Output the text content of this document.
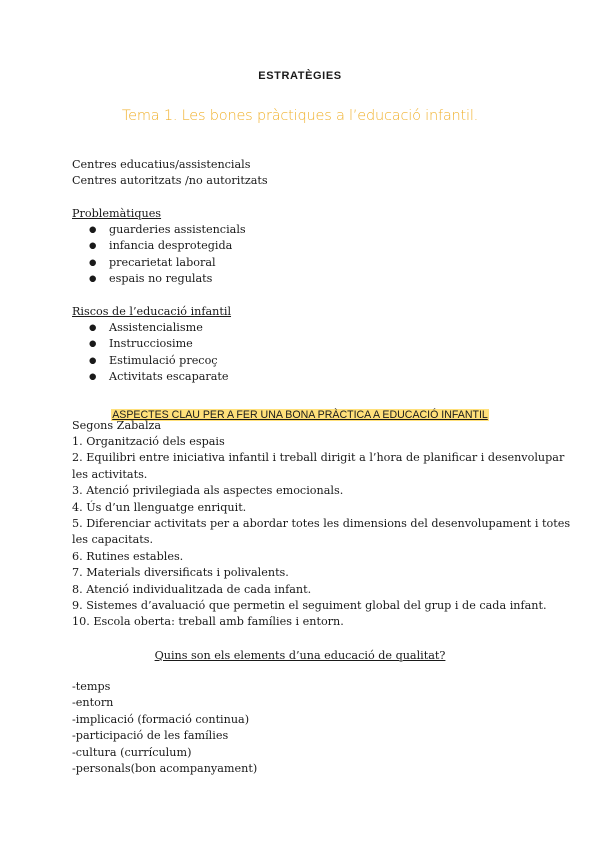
ESTRATÈGIES
Tema 1. Les bones pràctiques a l’educació infantil.
Centres educatius/assistencials
Centres autoritzats /no autoritzats
Problemàtiques
● guarderies assistencials
● infancia desprotegida
● precarietat laboral
● espais no regulats
Riscos de l’educació infantil
● Assistencialisme
● Instrucciosime
● Estimulació precoç
● Activitats escaparate
ASPECTES CLAU PER A FER UNA BONA PRÀCTICA A EDUCACIÓ INFANTIL
Segons Zabalza
1. Organització dels espais
2. Equilibri entre iniciativa infantil i treball dirigit a l’hora de planificar i desenvolupar
les activitats.
3. Atenció privilegiada als aspectes emocionals.
4. Ús d’un llenguatge enriquit.
5. Diferenciar activitats per a abordar totes les dimensions del desenvolupament i totes
les capacitats.
6. Rutines estables.
7. Materials diversificats i polivalents.
8. Atenció individualitzada de cada infant.
9. Sistemes d’avaluació que permetin el seguiment global del grup i de cada infant.
10. Escola oberta: treball amb famílies i entorn.
Quins son els elements d’una educació de qualitat?
-temps
-entorn
-implicació (formació continua)
-participació de les famílies
-cultura (currículum)
-personals(bon acompanyament)
